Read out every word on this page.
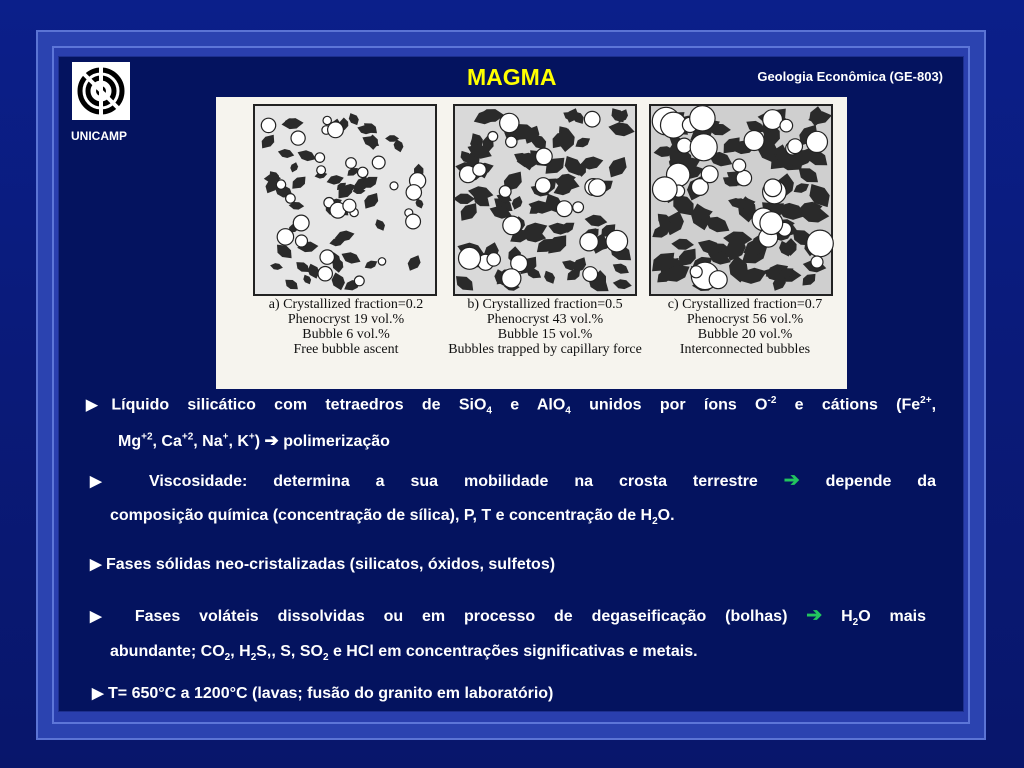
UNICAMP
MAGMA	Geologia Econômica (GE-803)
a) Crystallized fraction=0.2
Phenocryst 19 vol.%
Bubble 6 vol.%
Free bubble ascent
b) Crystallized fraction=0.5
Phenocryst 43 vol.%
Bubble 15 vol.%
Bubbles trapped by capillary force
c) Crystallized fraction=0.7
Phenocryst 56 vol.%
Bubble 20 vol.%
Interconnected bubbles
▶Líquido silicático com tetraedros de SiO$_4$ e AlO$_4$ unidos por íons $O^{-2}$ e cátions ($Fe^{2+}$,
$Mg^{+2}$, $Ca^{+2}$, Na+, K+) ➔ polimerização
▶ Viscosidade: determina a sua mobilidade na crosta terrestre ➔ depende da
composição química (concentração de sílica), P, T e concentração de $H_2O$.
▶ Fases sólidas neo-cristalizadas (silicatos, óxidos, sulfetos)
▶ Fases voláteis dissolvidas ou em processo de degaseificação (bolhas) ➔ $H_2O$ mais
abundante; $CO_2$, $H_2S$,, S, $SO_2$ e HCl em concentrações significativas e metais.
▶ T= 650°C a 1200°C (lavas; fusão do granito em laboratório)
